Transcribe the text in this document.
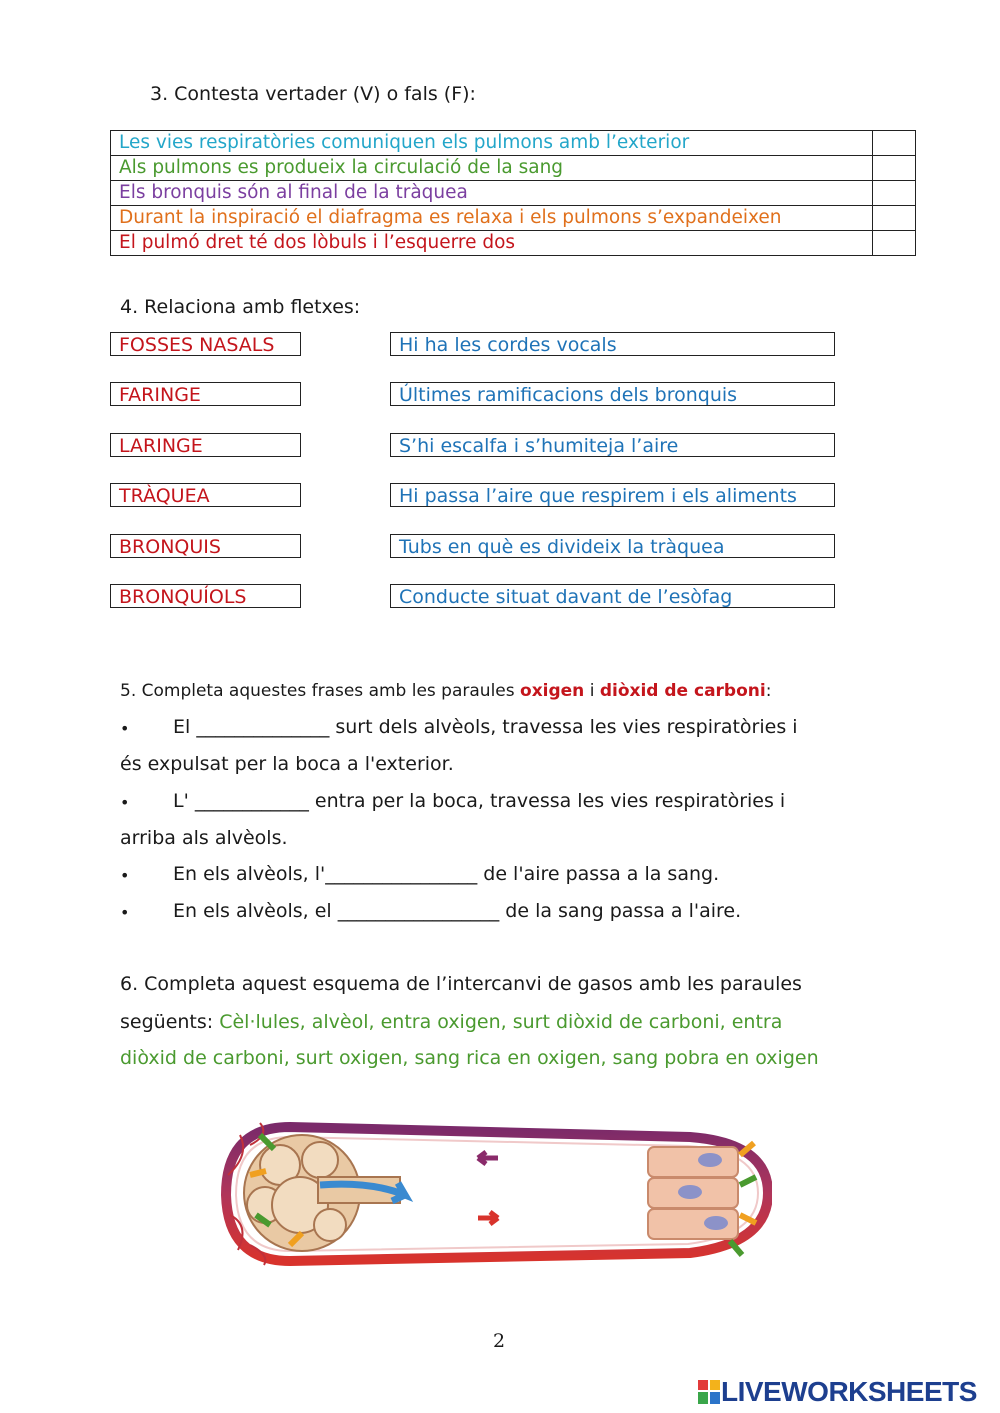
3. Contesta vertader (V) o fals (F):
Les vies respiratòries comuniquen els pulmons amb l’exterior	
Als pulmons es produeix la circulació de la sang	
Els bronquis són al final de la tràquea	
Durant la inspiració el diafragma es relaxa i els pulmons s’expandeixen	
El pulmó dret té dos lòbuls i l’esquerre dos	
4. Relaciona amb fletxes:
FOSSES NASALS
FARINGE
LARINGE
TRÀQUEA
BRONQUIS
BRONQUÍOLS
Hi ha les cordes vocals
Últimes ramificacions dels bronquis
S’hi escalfa i s’humiteja l’aire
Hi passa l’aire que respirem i els aliments
Tubs en què es divideix la tràquea
Conducte situat davant de l’esòfag
5. Completa aquestes frases amb les paraules oxigen i diòxid de carboni:
• El ______________ surt dels alvèols, travessa les vies respiratòries i
és expulsat per la boca a l'exterior.
• L' ____________ entra per la boca, travessa les vies respiratòries i
arriba als alvèols.
• En els alvèols, l'________________ de l'aire passa a la sang.
• En els alvèols, el _________________ de la sang passa a l'aire.
6. Completa aquest esquema de l’intercanvi de gasos amb les paraules
següents: Cèl·lules, alvèol, entra oxigen, surt diòxid de carboni, entra
diòxid de carboni, surt oxigen, sang rica en oxigen, sang pobra en oxigen
2
LIVEWORKSHEETS
